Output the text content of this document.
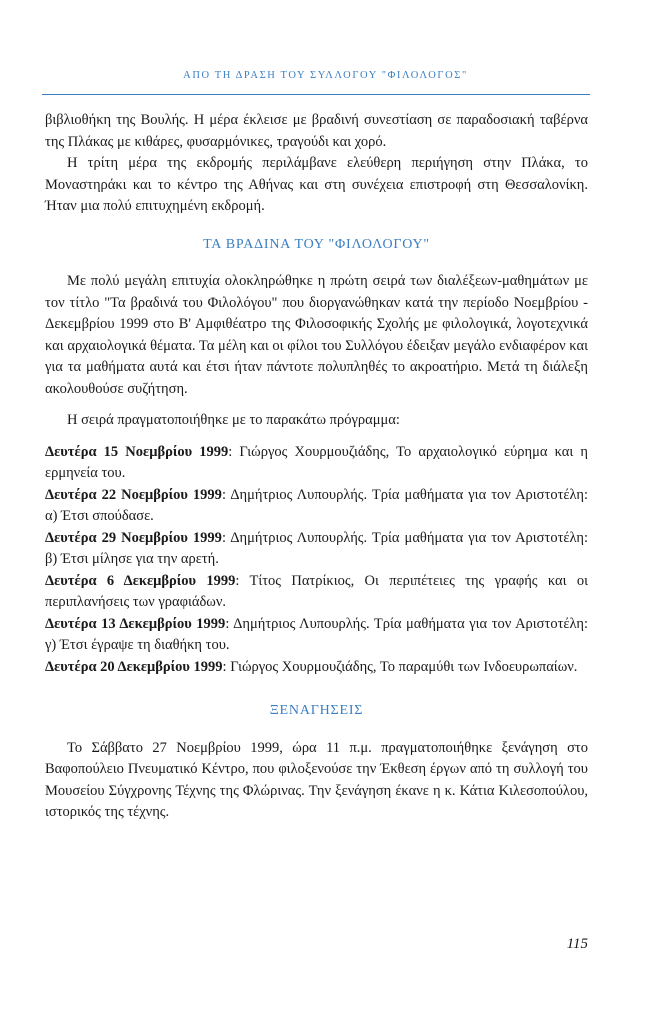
ΑΠΟ ΤΗ ΔΡΑΣΗ ΤΟΥ ΣΥΛΛΟΓΟΥ "ΦΙΛΟΛΟΓΟΣ"

βιβλιοθήκη της Βουλής. Η μέρα έκλεισε με βραδινή συνεστίαση σε παραδοσιακή ταβέρνα της Πλάκας με κιθάρες, φυσαρμόνικες, τραγούδι και χορό.

Η τρίτη μέρα της εκδρομής περιλάμβανε ελεύθερη περιήγηση στην Πλάκα, το Μοναστηράκι και το κέντρο της Αθήνας και στη συνέχεια επιστροφή στη Θεσσαλονίκη. Ήταν μια πολύ επιτυχημένη εκδρομή.

ΤΑ ΒΡΑΔΙΝΑ ΤΟΥ "ΦΙΛΟΛΟΓΟΥ"

Με πολύ μεγάλη επιτυχία ολοκληρώθηκε η πρώτη σειρά των διαλέξεων-μαθημάτων με τον τίτλο "Τα βραδινά του Φιλολόγου" που διοργανώθηκαν κατά την περίοδο Νοεμβρίου - Δεκεμβρίου 1999 στο Β' Αμφιθέατρο της Φιλοσοφικής Σχολής με φιλολογικά, λογοτεχνικά και αρχαιολογικά θέματα. Τα μέλη και οι φίλοι του Συλλόγου έδειξαν μεγάλο ενδιαφέρον και για τα μαθήματα αυτά και έτσι ήταν πάντοτε πολυπληθές το ακροατήριο. Μετά τη διάλεξη ακολουθούσε συζήτηση.

Η σειρά πραγματοποιήθηκε με το παρακάτω πρόγραμμα:

Δευτέρα 15 Νοεμβρίου 1999: Γιώργος Χουρμουζιάδης, Το αρχαιολογικό εύρημα και η ερμηνεία του.

Δευτέρα 22 Νοεμβρίου 1999: Δημήτριος Λυπουρλής. Τρία μαθήματα για τον Αριστοτέλη: α) Έτσι σπούδασε.

Δευτέρα 29 Νοεμβρίου 1999: Δημήτριος Λυπουρλής. Τρία μαθήματα για τον Αριστοτέλη: β) Έτσι μίλησε για την αρετή.

Δευτέρα 6 Δεκεμβρίου 1999: Τίτος Πατρίκιος, Οι περιπέτειες της γραφής και οι περιπλανήσεις των γραφιάδων.

Δευτέρα 13 Δεκεμβρίου 1999: Δημήτριος Λυπουρλής. Τρία μαθήματα για τον Αριστοτέλη: γ) Έτσι έγραψε τη διαθήκη του.

Δευτέρα 20 Δεκεμβρίου 1999: Γιώργος Χουρμουζιάδης, Το παραμύθι των Ινδοευρωπαίων.

ΞΕΝΑΓΗΣΕΙΣ

Το Σάββατο 27 Νοεμβρίου 1999, ώρα 11 π.μ. πραγματοποιήθηκε ξενάγηση στο Βαφοπούλειο Πνευματικό Κέντρο, που φιλοξενούσε την Έκθεση έργων από τη συλλογή του Μουσείου Σύγχρονης Τέχνης της Φλώρινας. Την ξενάγηση έκανε η κ. Κάτια Κιλεσοπούλου, ιστορικός της τέχνης.

115
